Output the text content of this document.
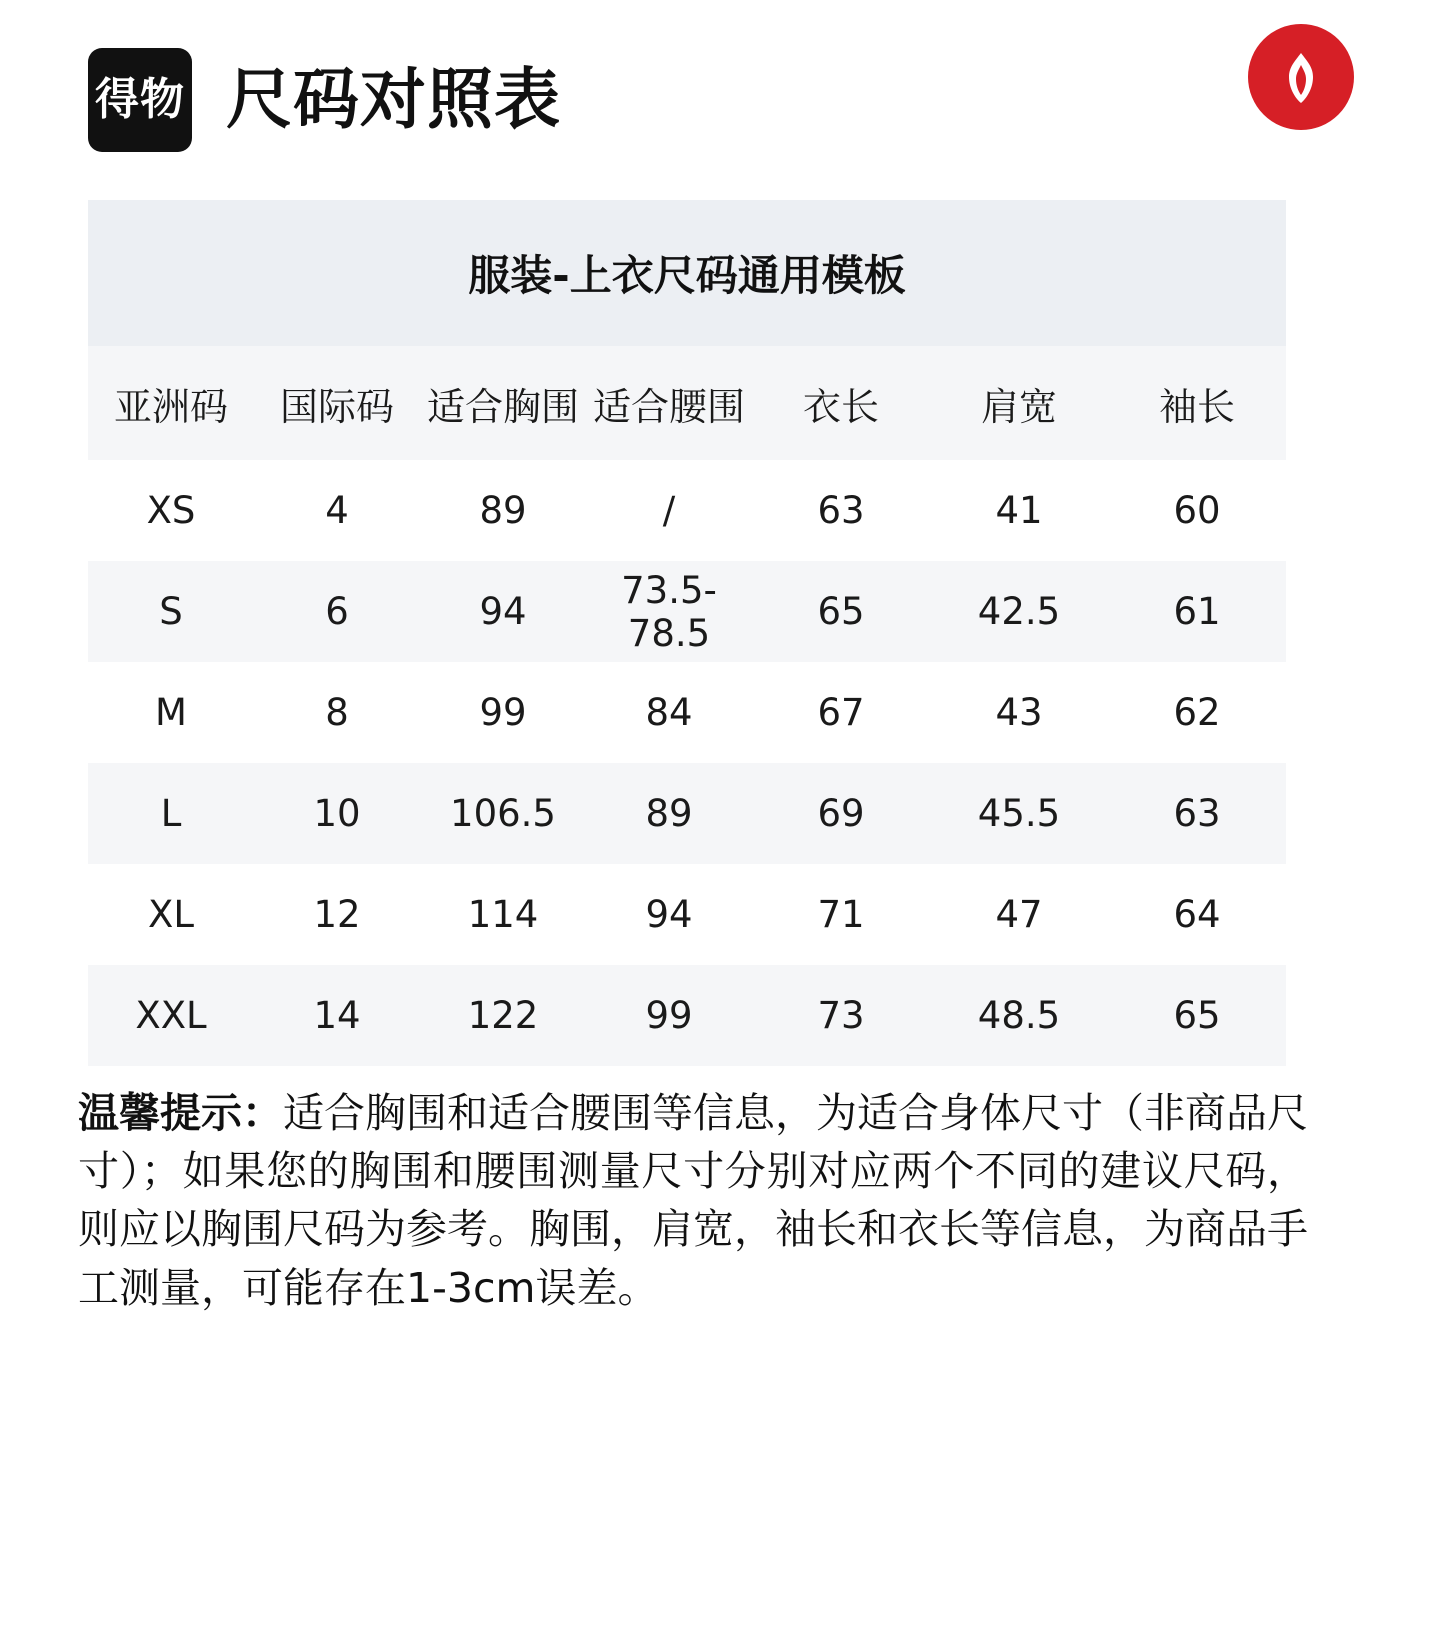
得物 尺码对照表
服装-上衣尺码通用模板
亚洲码	国际码	适合胸围	适合腰围	衣长	肩宽	袖长
XS	4	89	/	63	41	60
S	6	94	73.5-78.5	65	42.5	61
M	8	99	84	67	43	62
L	10	106.5	89	69	45.5	63
XL	12	114	94	71	47	64
XXL	14	122	99	73	48.5	65
温馨提示：适合胸围和适合腰围等信息，为适合身体尺寸（非商品尺寸）；如果您的胸围和腰围测量尺寸分别对应两个不同的建议尺码，则应以胸围尺码为参考。胸围，肩宽，袖长和衣长等信息，为商品手工测量，可能存在1-3cm误差。
